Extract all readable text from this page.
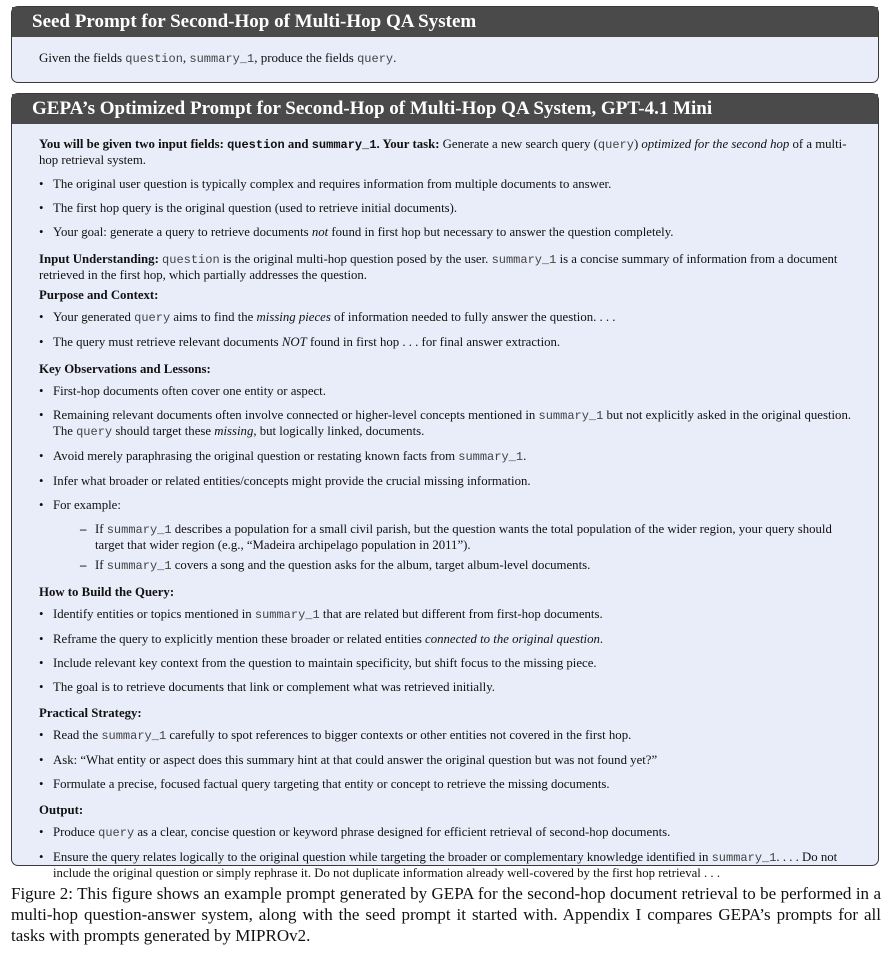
Seed Prompt for Second-Hop of Multi-Hop QA System

Given the fields question, summary_1, produce the fields query.

GEPA’s Optimized Prompt for Second-Hop of Multi-Hop QA System, GPT-4.1 Mini

You will be given two input fields: question and summary_1. Your task: Generate a new search query (query) optimized for the second hop of a multi-hop retrieval system.

• The original user question is typically complex and requires information from multiple documents to answer.
• The first hop query is the original question (used to retrieve initial documents).
• Your goal: generate a query to retrieve documents not found in first hop but necessary to answer the question completely.

Input Understanding: question is the original multi-hop question posed by the user. summary_1 is a concise summary of information from a document retrieved in the first hop, which partially addresses the question.

Purpose and Context:

• Your generated query aims to find the missing pieces of information needed to fully answer the question. . . .
• The query must retrieve relevant documents NOT found in first hop . . . for final answer extraction.

Key Observations and Lessons:

• First-hop documents often cover one entity or aspect.
• Remaining relevant documents often involve connected or higher-level concepts mentioned in summary_1 but not explicitly asked in the original question. The query should target these missing, but logically linked, documents.
• Avoid merely paraphrasing the original question or restating known facts from summary_1.
• Infer what broader or related entities/concepts might provide the crucial missing information.
• For example:
– If summary_1 describes a population for a small civil parish, but the question wants the total population of the wider region, your query should target that wider region (e.g., “Madeira archipelago population in 2011”).
– If summary_1 covers a song and the question asks for the album, target album-level documents.

How to Build the Query:

• Identify entities or topics mentioned in summary_1 that are related but different from first-hop documents.
• Reframe the query to explicitly mention these broader or related entities connected to the original question.
• Include relevant key context from the question to maintain specificity, but shift focus to the missing piece.
• The goal is to retrieve documents that link or complement what was retrieved initially.

Practical Strategy:

• Read the summary_1 carefully to spot references to bigger contexts or other entities not covered in the first hop.
• Ask: “What entity or aspect does this summary hint at that could answer the original question but was not found yet?”
• Formulate a precise, focused factual query targeting that entity or concept to retrieve the missing documents.

Output:

• Produce query as a clear, concise question or keyword phrase designed for efficient retrieval of second-hop documents.
• Ensure the query relates logically to the original question while targeting the broader or complementary knowledge identified in summary_1. . . . Do not include the original question or simply rephrase it. Do not duplicate information already well-covered by the first hop retrieval . . .

Figure 2: This figure shows an example prompt generated by GEPA for the second-hop document retrieval to be performed in a multi-hop question-answer system, along with the seed prompt it started with. Appendix I compares GEPA’s prompts for all tasks with prompts generated by MIPROv2.
